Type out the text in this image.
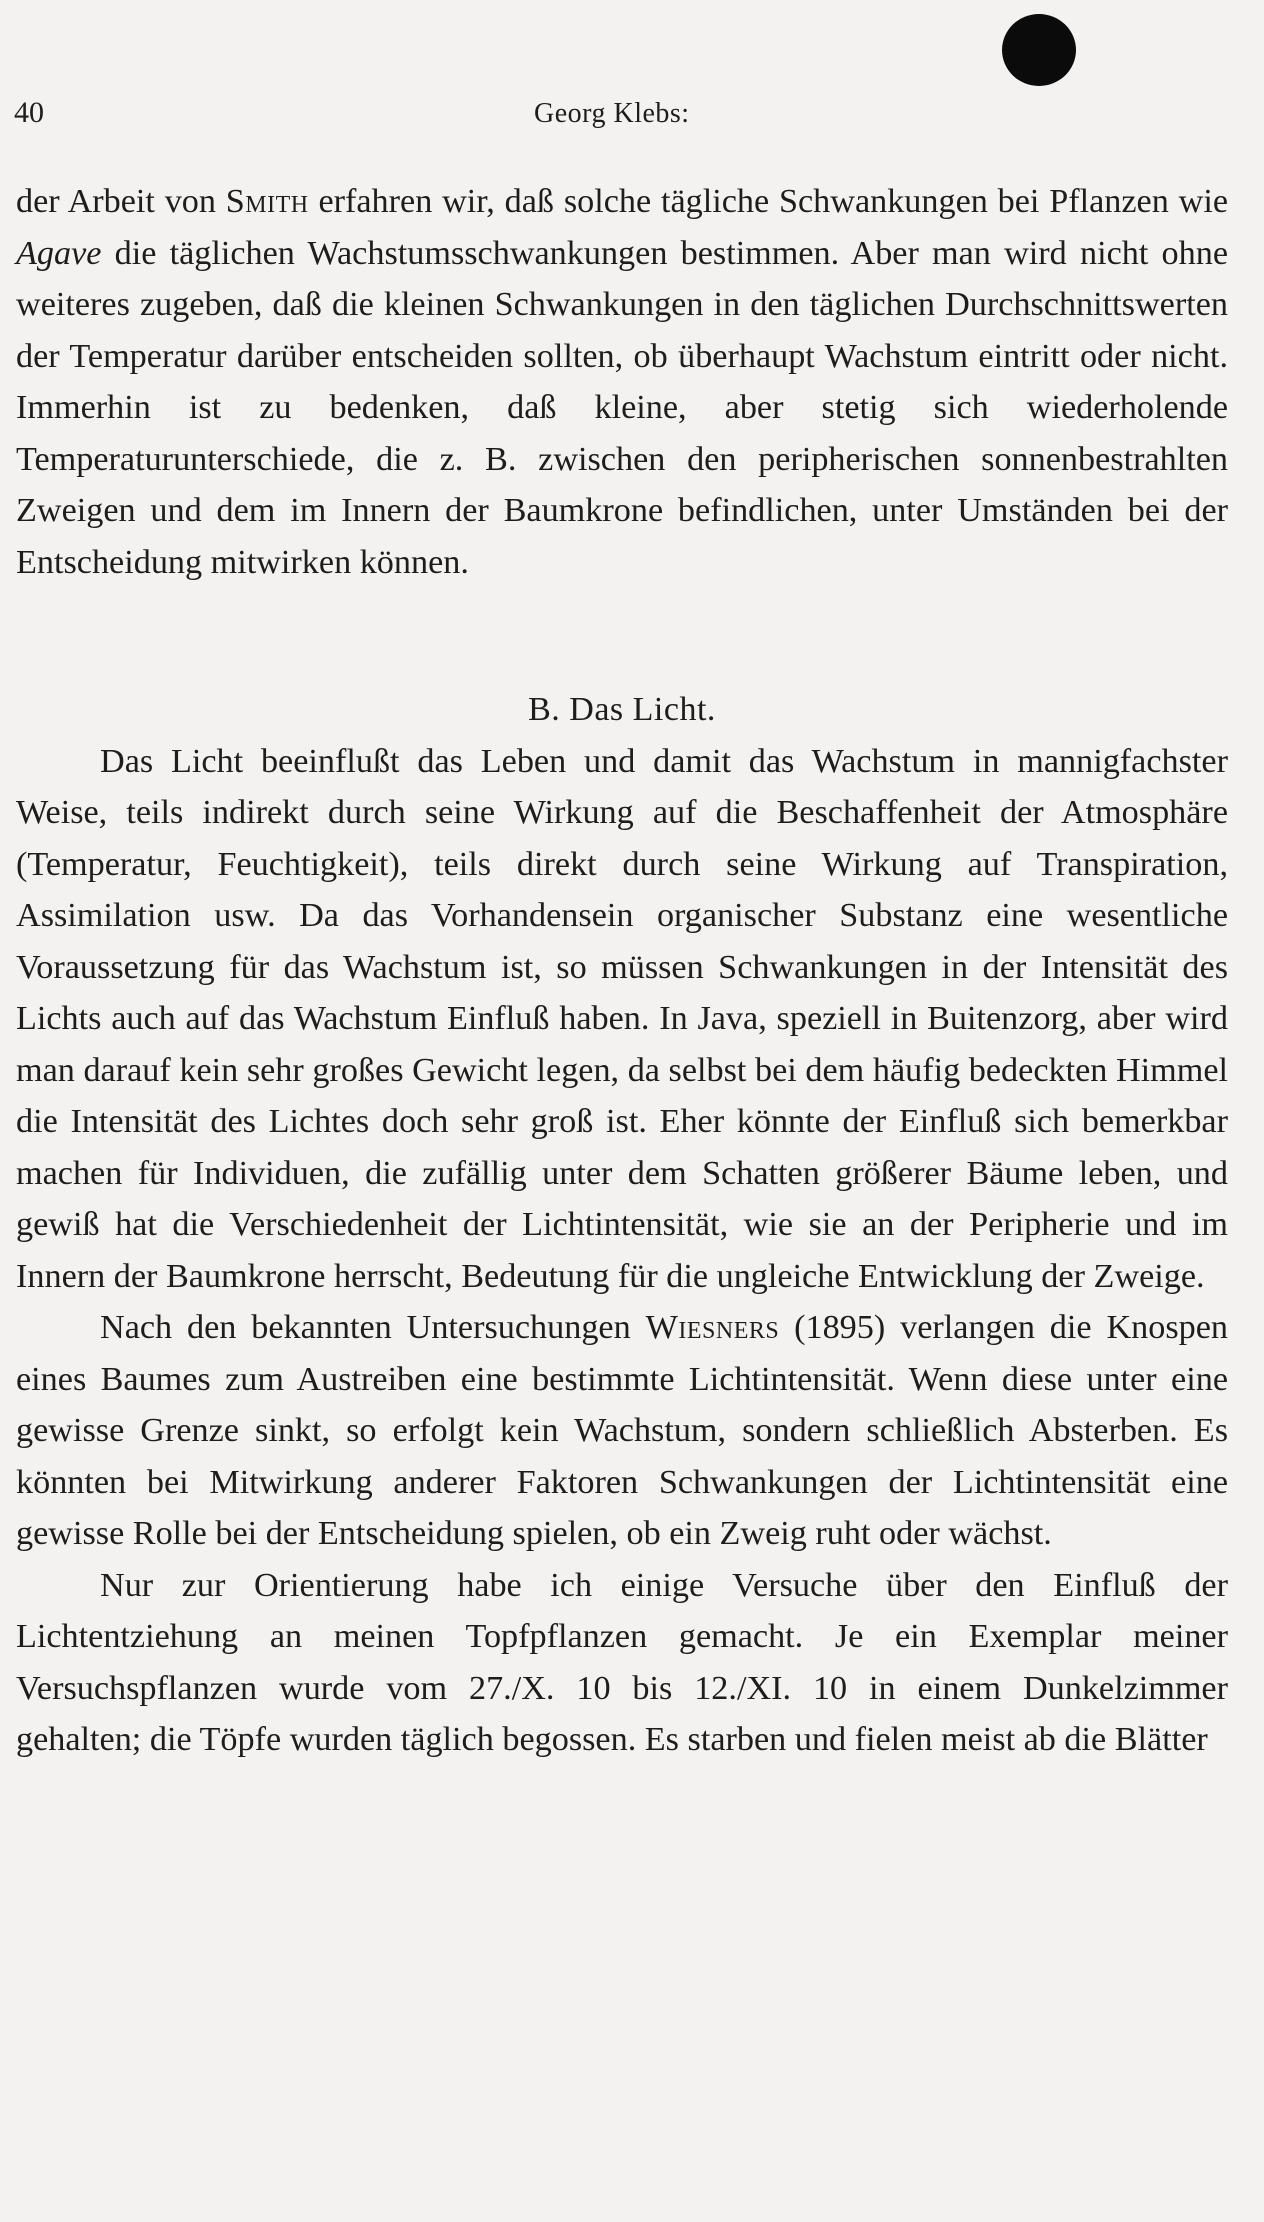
40	Georg Klebs:

der Arbeit von Smith erfahren wir, daß solche tägliche Schwankungen bei Pflanzen wie Agave die täglichen Wachstumsschwankungen bestimmen. Aber man wird nicht ohne weiteres zugeben, daß die kleinen Schwankungen in den täglichen Durchschnittswerten der Temperatur darüber entscheiden sollten, ob überhaupt Wachstum eintritt oder nicht. Immerhin ist zu bedenken, daß kleine, aber stetig sich wiederholende Temperaturunterschiede, die z. B. zwischen den peripherischen sonnenbestrahlten Zweigen und dem im Innern der Baumkrone befindlichen, unter Umständen bei der Entscheidung mitwirken können.

B. Das Licht.

Das Licht beeinflußt das Leben und damit das Wachstum in mannigfachster Weise, teils indirekt durch seine Wirkung auf die Beschaffenheit der Atmosphäre (Temperatur, Feuchtigkeit), teils direkt durch seine Wirkung auf Transpiration, Assimilation usw. Da das Vorhandensein organischer Substanz eine wesentliche Voraussetzung für das Wachstum ist, so müssen Schwankungen in der Intensität des Lichts auch auf das Wachstum Einfluß haben. In Java, speziell in Buitenzorg, aber wird man darauf kein sehr großes Gewicht legen, da selbst bei dem häufig bedeckten Himmel die Intensität des Lichtes doch sehr groß ist. Eher könnte der Einfluß sich bemerkbar machen für Individuen, die zufällig unter dem Schatten größerer Bäume leben, und gewiß hat die Verschiedenheit der Lichtintensität, wie sie an der Peripherie und im Innern der Baumkrone herrscht, Bedeutung für die ungleiche Entwicklung der Zweige.

Nach den bekannten Untersuchungen Wiesners (1895) verlangen die Knospen eines Baumes zum Austreiben eine bestimmte Lichtintensität. Wenn diese unter eine gewisse Grenze sinkt, so erfolgt kein Wachstum, sondern schließlich Absterben. Es könnten bei Mitwirkung anderer Faktoren Schwankungen der Lichtintensität eine gewisse Rolle bei der Entscheidung spielen, ob ein Zweig ruht oder wächst.

Nur zur Orientierung habe ich einige Versuche über den Einfluß der Lichtentziehung an meinen Topfpflanzen gemacht. Je ein Exemplar meiner Versuchspflanzen wurde vom 27./X. 10 bis 12./XI. 10 in einem Dunkelzimmer gehalten; die Töpfe wurden täglich begossen. Es starben und fielen meist ab die Blätter
